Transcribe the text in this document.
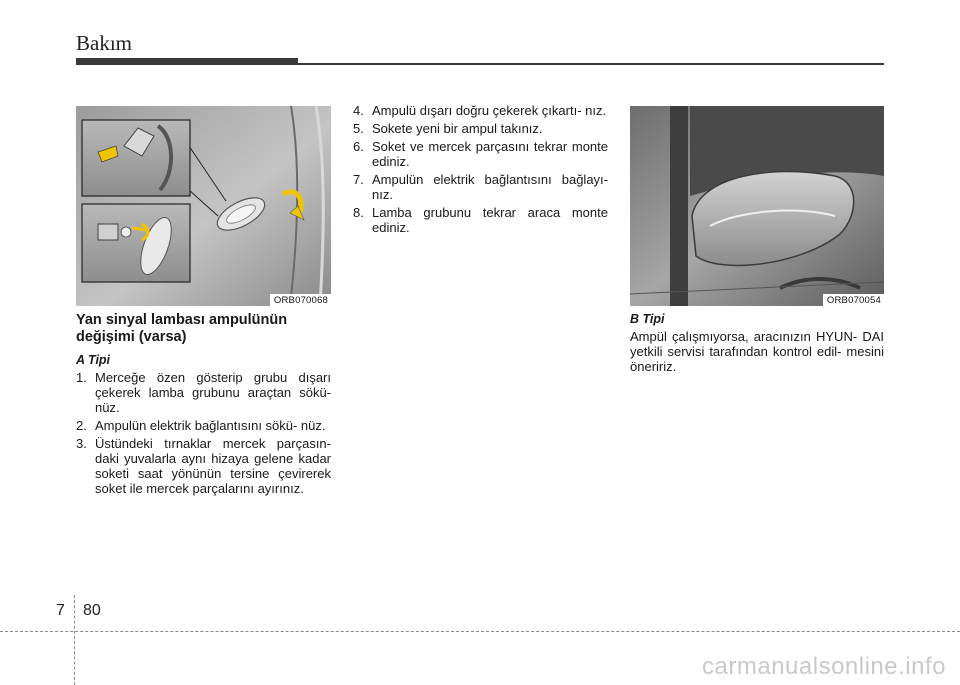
Bakım
ORB070068	ORB070054
Yan sinyal lambası ampulünün
değişimi (varsa)
A Tipi
1. Merceğe özen gösterip grubu dışarı çekerek lamba grubunu araçtan sökü- nüz.
2. Ampulün elektrik bağlantısını sökü- nüz.
3. Üstündeki tırnaklar mercek parçasın- daki yuvalarla aynı hizaya gelene kadar soketi saat yönünün tersine çevirerek soket ile mercek parçalarını ayırınız.
4. Ampulü dışarı doğru çekerek çıkartı- nız.
5. Sokete yeni bir ampul takınız.
6. Soket ve mercek parçasını tekrar monte ediniz.
7. Ampulün elektrik bağlantısını bağlayı- nız.
8. Lamba grubunu tekrar araca monte ediniz.
B Tipi

Ampül çalışmıyorsa, aracınızın HYUN- DAI yetkili servisi tarafından kontrol edil- mesini öneririz.

7 80
carmanualsonline.info
